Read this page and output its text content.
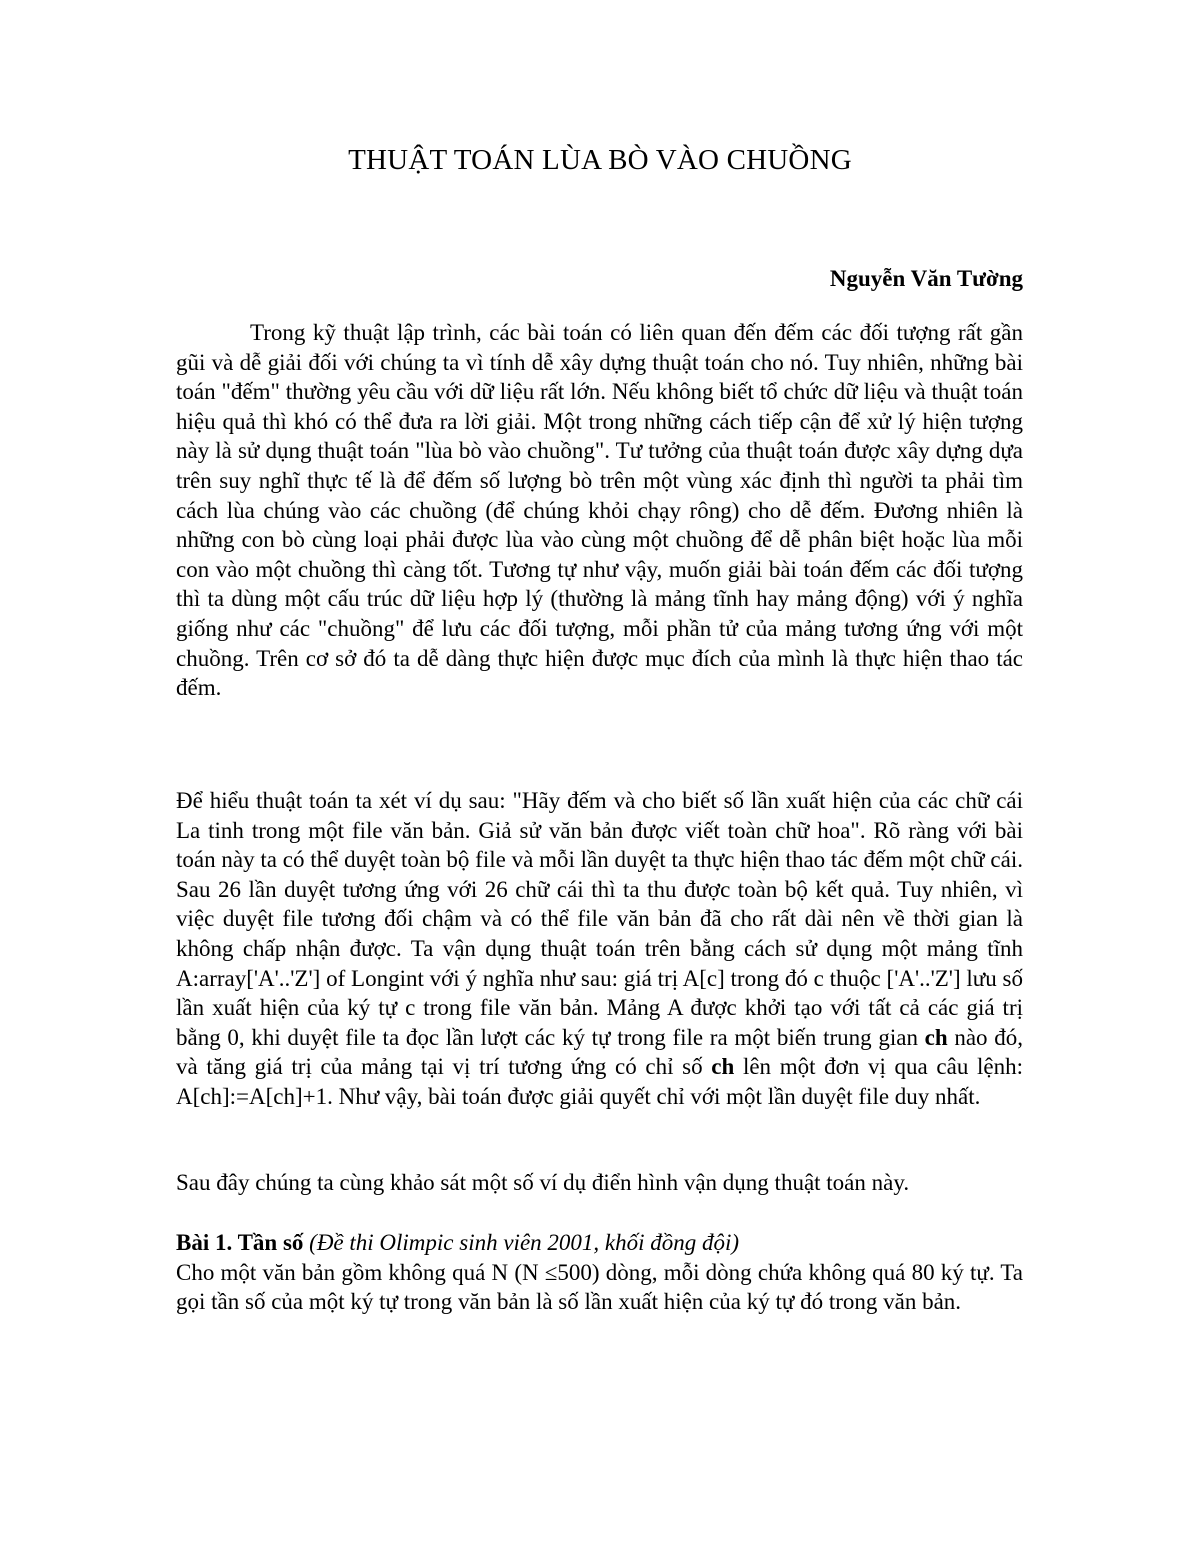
THUẬT TOÁN LÙA BÒ VÀO CHUỒNG

Nguyễn Văn Tường

Trong kỹ thuật lập trình, các bài toán có liên quan đến đếm các đối tượng rất gần gũi và dễ giải đối với chúng ta vì tính dễ xây dựng thuật toán cho nó. Tuy nhiên, những bài toán "đếm" thường yêu cầu với dữ liệu rất lớn. Nếu không biết tổ chức dữ liệu và thuật toán hiệu quả thì khó có thể đưa ra lời giải. Một trong những cách tiếp cận để xử lý hiện tượng này là sử dụng thuật toán "lùa bò vào chuồng". Tư tưởng của thuật toán được xây dựng dựa trên suy nghĩ thực tế là để đếm số lượng bò trên một vùng xác định thì người ta phải tìm cách lùa chúng vào các chuồng (để chúng khỏi chạy rông) cho dễ đếm. Đương nhiên là những con bò cùng loại phải được lùa vào cùng một chuồng để dễ phân biệt hoặc lùa mỗi con vào một chuồng thì càng tốt. Tương tự như vậy, muốn giải bài toán đếm các đối tượng thì ta dùng một cấu trúc dữ liệu hợp lý (thường là mảng tĩnh hay mảng động) với ý nghĩa giống như các "chuồng" để lưu các đối tượng, mỗi phần tử của mảng tương ứng với một chuồng. Trên cơ sở đó ta dễ dàng thực hiện được mục đích của mình là thực hiện thao tác đếm.

Để hiểu thuật toán ta xét ví dụ sau: "Hãy đếm và cho biết số lần xuất hiện của các chữ cái La tinh trong một file văn bản. Giả sử văn bản được viết toàn chữ hoa". Rõ ràng với bài toán này ta có thể duyệt toàn bộ file và mỗi lần duyệt ta thực hiện thao tác đếm một chữ cái. Sau 26 lần duyệt tương ứng với 26 chữ cái thì ta thu được toàn bộ kết quả. Tuy nhiên, vì việc duyệt file tương đối chậm và có thể file văn bản đã cho rất dài nên về thời gian là không chấp nhận được. Ta vận dụng thuật toán trên bằng cách sử dụng một mảng tĩnh A:array['A'..'Z'] of Longint với ý nghĩa như sau: giá trị A[c] trong đó c thuộc ['A'..'Z'] lưu số lần xuất hiện của ký tự c trong file văn bản. Mảng A được khởi tạo với tất cả các giá trị bằng 0, khi duyệt file ta đọc lần lượt các ký tự trong file ra một biến trung gian ch nào đó, và tăng giá trị của mảng tại vị trí tương ứng có chỉ số ch lên một đơn vị qua câu lệnh: A[ch]:=A[ch]+1. Như vậy, bài toán được giải quyết chỉ với một lần duyệt file duy nhất.

Sau đây chúng ta cùng khảo sát một số ví dụ điển hình vận dụng thuật toán này.

Bài 1. Tần số (Đề thi Olimpic sinh viên 2001, khối đồng đội)
Cho một văn bản gồm không quá N (N ≤500) dòng, mỗi dòng chứa không quá 80 ký tự. Ta gọi tần số của một ký tự trong văn bản là số lần xuất hiện của ký tự đó trong văn bản.
